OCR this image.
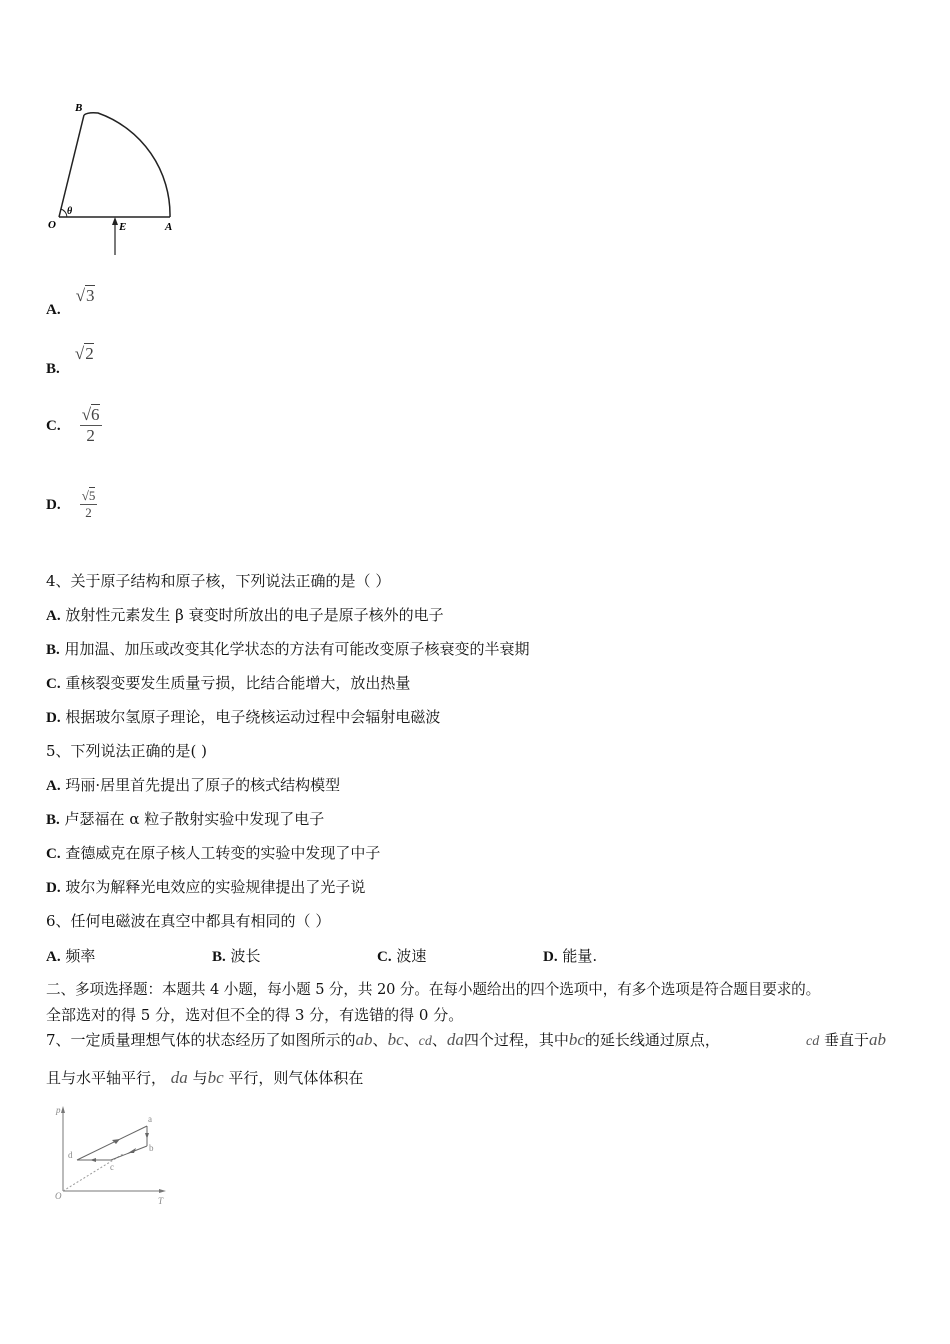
B
O
θ
E	A
A. √3
B. √2
C. $\frac{√6}{2}$
D. $\frac{√5}{2}$
4、关于原子结构和原子核，下列说法正确的是（ ）
A. 放射性元素发生 β 衰变时所放出的电子是原子核外的电子
B. 用加温、加压或改变其化学状态的方法有可能改变原子核衰变的半衰期
C. 重核裂变要发生质量亏损，比结合能增大，放出热量
D. 根据玻尔氢原子理论，电子绕核运动过程中会辐射电磁波
5、下列说法正确的是( )
A. 玛丽·居里首先提出了原子的核式结构模型
B. 卢瑟福在 α 粒子散射实验中发现了电子
C. 查德威克在原子核人工转变的实验中发现了中子
D. 玻尔为解释光电效应的实验规律提出了光子说
6、任何电磁波在真空中都具有相同的（ ）
A. 频率	B. 波长	C. 波速	D. 能量.
二、多项选择题：本题共 4 小题，每小题 5 分，共 20 分。在每小题给出的四个选项中，有多个选项是符合题目要求的。
全部选对的得 5 分，选对但不全的得 3 分，有选错的得 0 分。
7、一定质量理想气体的状态经历了如图所示的ab、bc、cd、da四个过程，其中bc的延长线通过原点，	cd 垂直于ab
且与水平轴平行， da 与bc 平行，则气体体积在
p
a
b
c
d
O	T
